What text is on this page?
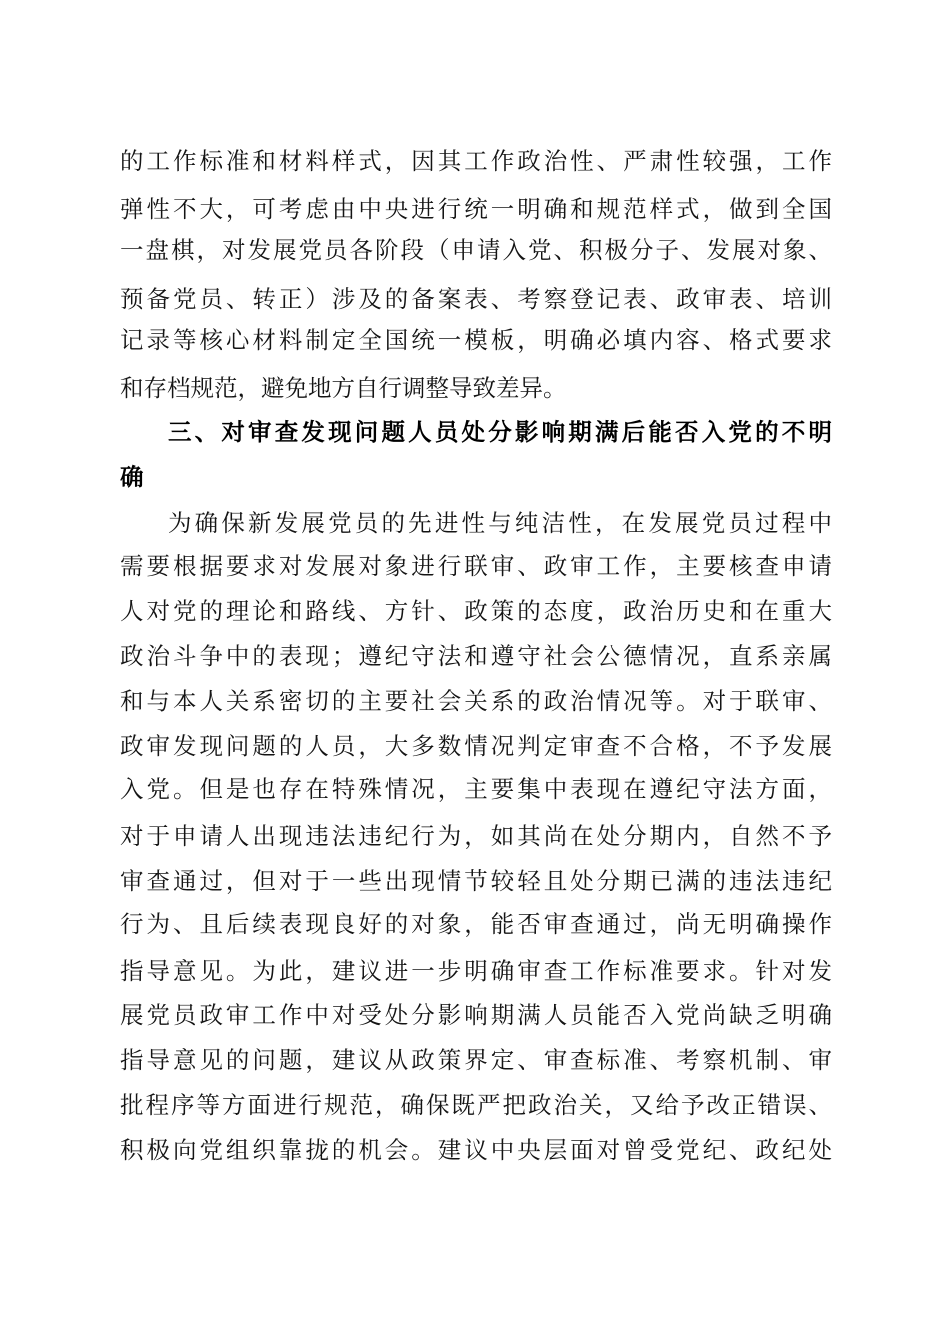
的工作标准和材料样式，因其工作政治性、严肃性较强，工作

弹性不大，可考虑由中央进行统一明确和规范样式，做到全国

一盘棋，对发展党员各阶段（申请入党、积极分子、发展对象、

预备党员、转正）涉及的备案表、考察登记表、政审表、培训

记录等核心材料制定全国统一模板，明确必填内容、格式要求

和存档规范，避免地方自行调整导致差异。

三、对审查发现问题人员处分影响期满后能否入党的不明

确

为确保新发展党员的先进性与纯洁性，在发展党员过程中

需要根据要求对发展对象进行联审、政审工作，主要核查申请

人对党的理论和路线、方针、政策的态度，政治历史和在重大

政治斗争中的表现；遵纪守法和遵守社会公德情况，直系亲属

和与本人关系密切的主要社会关系的政治情况等。对于联审、

政审发现问题的人员，大多数情况判定审查不合格，不予发展

入党。但是也存在特殊情况，主要集中表现在遵纪守法方面，

对于申请人出现违法违纪行为，如其尚在处分期内，自然不予

审查通过，但对于一些出现情节较轻且处分期已满的违法违纪

行为、且后续表现良好的对象，能否审查通过，尚无明确操作

指导意见。为此，建议进一步明确审查工作标准要求。针对发

展党员政审工作中对受处分影响期满人员能否入党尚缺乏明确

指导意见的问题，建议从政策界定、审查标准、考察机制、审

批程序等方面进行规范，确保既严把政治关，又给予改正错误、

积极向党组织靠拢的机会。建议中央层面对曾受党纪、政纪处
